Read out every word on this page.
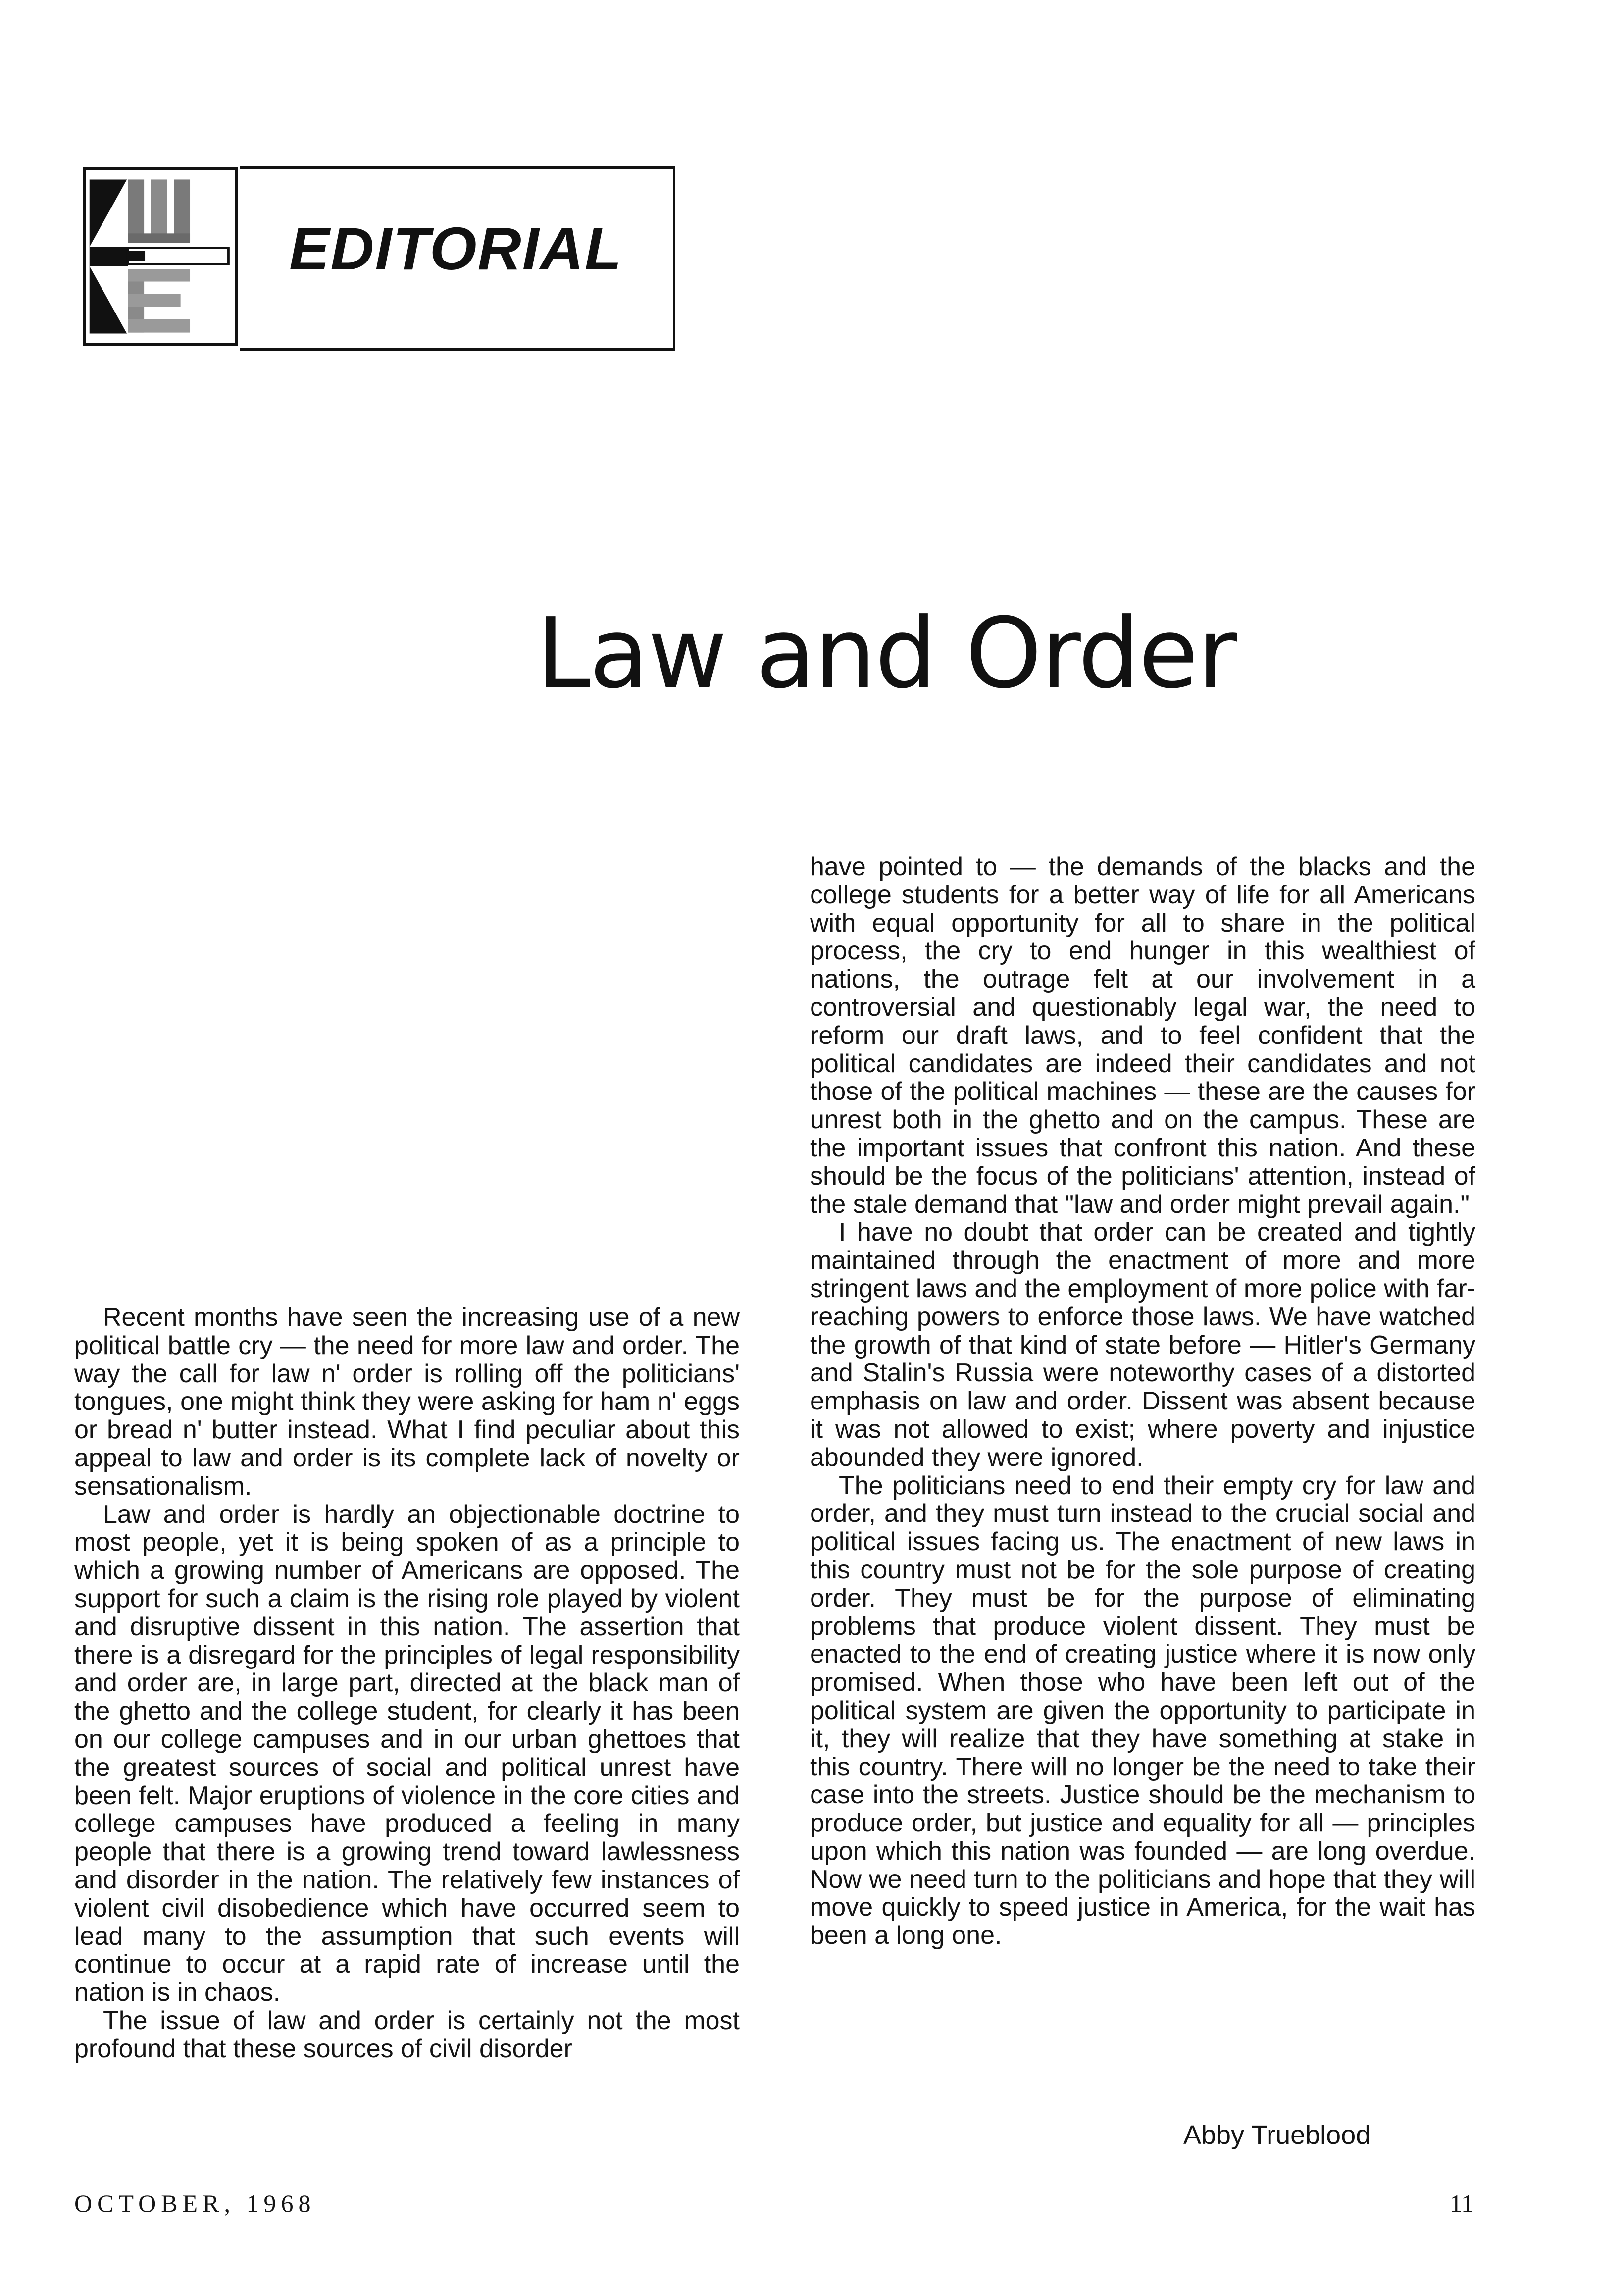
EDITORIAL
Law and Order

Recent months have seen the increasing use of a new political battle cry — the need for more law and order. The way the call for law n' order is rolling off the politicians' tongues, one might think they were asking for ham n' eggs or bread n' butter instead. What I find peculiar about this appeal to law and order is its complete lack of novelty or sensationalism.

Law and order is hardly an objectionable doctrine to most people, yet it is being spoken of as a principle to which a growing number of Americans are opposed. The support for such a claim is the rising role played by violent and disruptive dissent in this nation. The assertion that there is a disregard for the principles of legal responsibility and order are, in large part, directed at the black man of the ghetto and the college student, for clearly it has been on our college campuses and in our urban ghettoes that the greatest sources of social and political unrest have been felt. Major eruptions of violence in the core cities and college campuses have produced a feeling in many people that there is a growing trend toward lawlessness and disorder in the nation. The relatively few instances of violent civil disobedience which have occurred seem to lead many to the assumption that such events will continue to occur at a rapid rate of increase until the nation is in chaos.

The issue of law and order is certainly not the most profound that these sources of civil disorder

have pointed to — the demands of the blacks and the college students for a better way of life for all Americans with equal opportunity for all to share in the political process, the cry to end hunger in this wealthiest of nations, the outrage felt at our involvement in a controversial and questionably legal war, the need to reform our draft laws, and to feel confident that the political candidates are indeed their candidates and not those of the political machines — these are the causes for unrest both in the ghetto and on the campus. These are the important issues that confront this nation. And these should be the focus of the politicians' attention, instead of the stale demand that "law and order might prevail again."

I have no doubt that order can be created and tightly maintained through the enactment of more and more stringent laws and the employment of more police with far-reaching powers to enforce those laws. We have watched the growth of that kind of state before — Hitler's Germany and Stalin's Russia were noteworthy cases of a distorted emphasis on law and order. Dissent was absent because it was not allowed to exist; where poverty and injustice abounded they were ignored.

The politicians need to end their empty cry for law and order, and they must turn instead to the crucial social and political issues facing us. The enactment of new laws in this country must not be for the sole purpose of creating order. They must be for the purpose of eliminating problems that produce violent dissent. They must be enacted to the end of creating justice where it is now only promised. When those who have been left out of the political system are given the opportunity to participate in it, they will realize that they have something at stake in this country. There will no longer be the need to take their case into the streets. Justice should be the mechanism to produce order, but justice and equality for all — principles upon which this nation was founded — are long overdue. Now we need turn to the politicians and hope that they will move quickly to speed justice in America, for the wait has been a long one.

Abby Trueblood
OCTOBER, 1968	11
